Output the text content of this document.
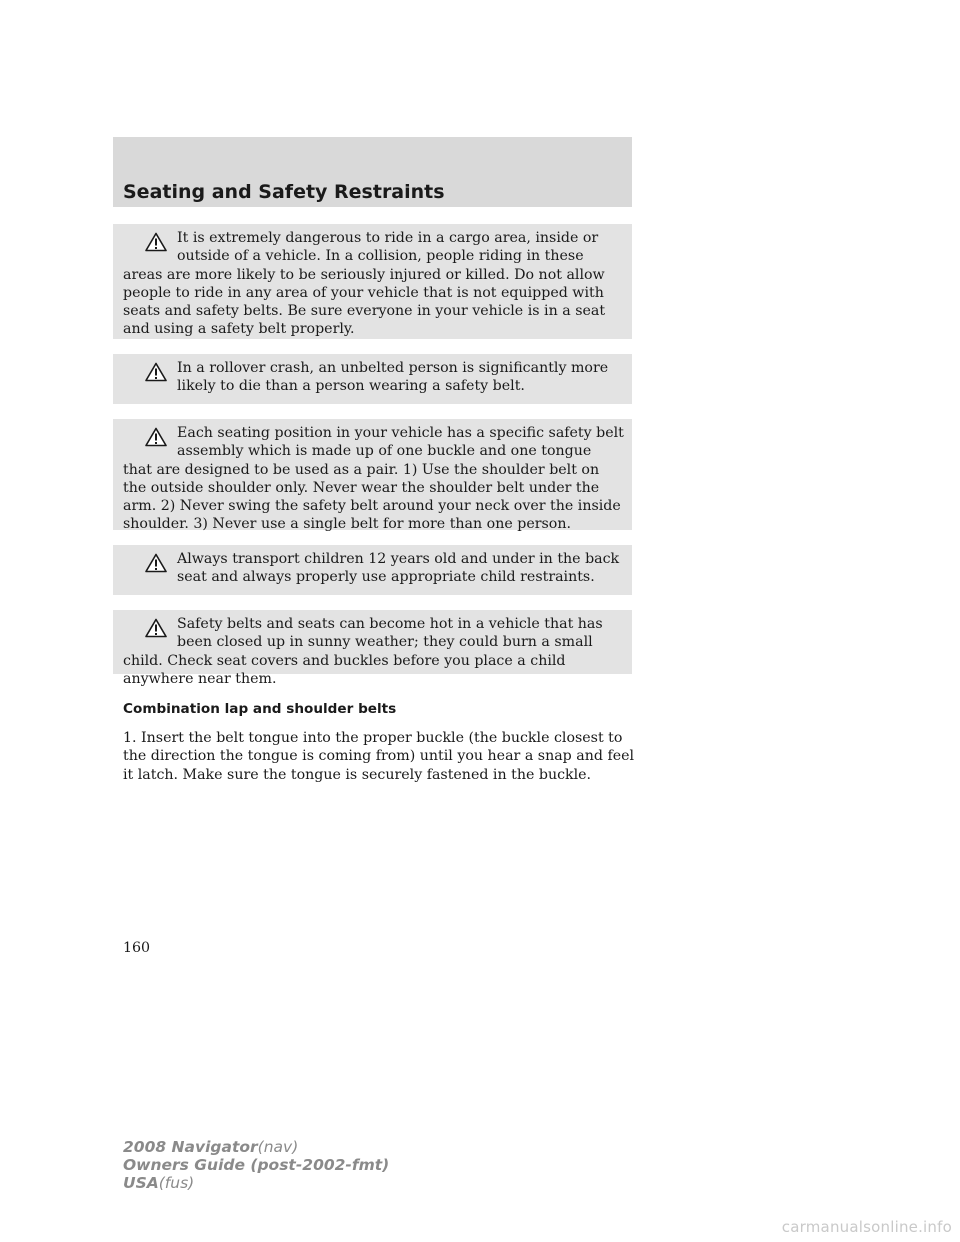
Seating and Safety Restraints

It is extremely dangerous to ride in a cargo area, inside or outside of a vehicle. In a collision, people riding in these areas are more likely to be seriously injured or killed. Do not allow people to ride in any area of your vehicle that is not equipped with seats and safety belts. Be sure everyone in your vehicle is in a seat and using a safety belt properly.

In a rollover crash, an unbelted person is significantly more likely to die than a person wearing a safety belt.

Each seating position in your vehicle has a specific safety belt assembly which is made up of one buckle and one tongue that are designed to be used as a pair. 1) Use the shoulder belt on the outside shoulder only. Never wear the shoulder belt under the arm. 2) Never swing the safety belt around your neck over the inside shoulder. 3) Never use a single belt for more than one person.

Always transport children 12 years old and under in the back seat and always properly use appropriate child restraints.

Safety belts and seats can become hot in a vehicle that has been closed up in sunny weather; they could burn a small child. Check seat covers and buckles before you place a child anywhere near them.

Combination lap and shoulder belts

1. Insert the belt tongue into the proper buckle (the buckle closest to the direction the tongue is coming from) until you hear a snap and feel it latch. Make sure the tongue is securely fastened in the buckle.

160

2008 Navigator(nav)
Owners Guide (post-2002-fmt)
USA(fus)
carmanualsonline.info
